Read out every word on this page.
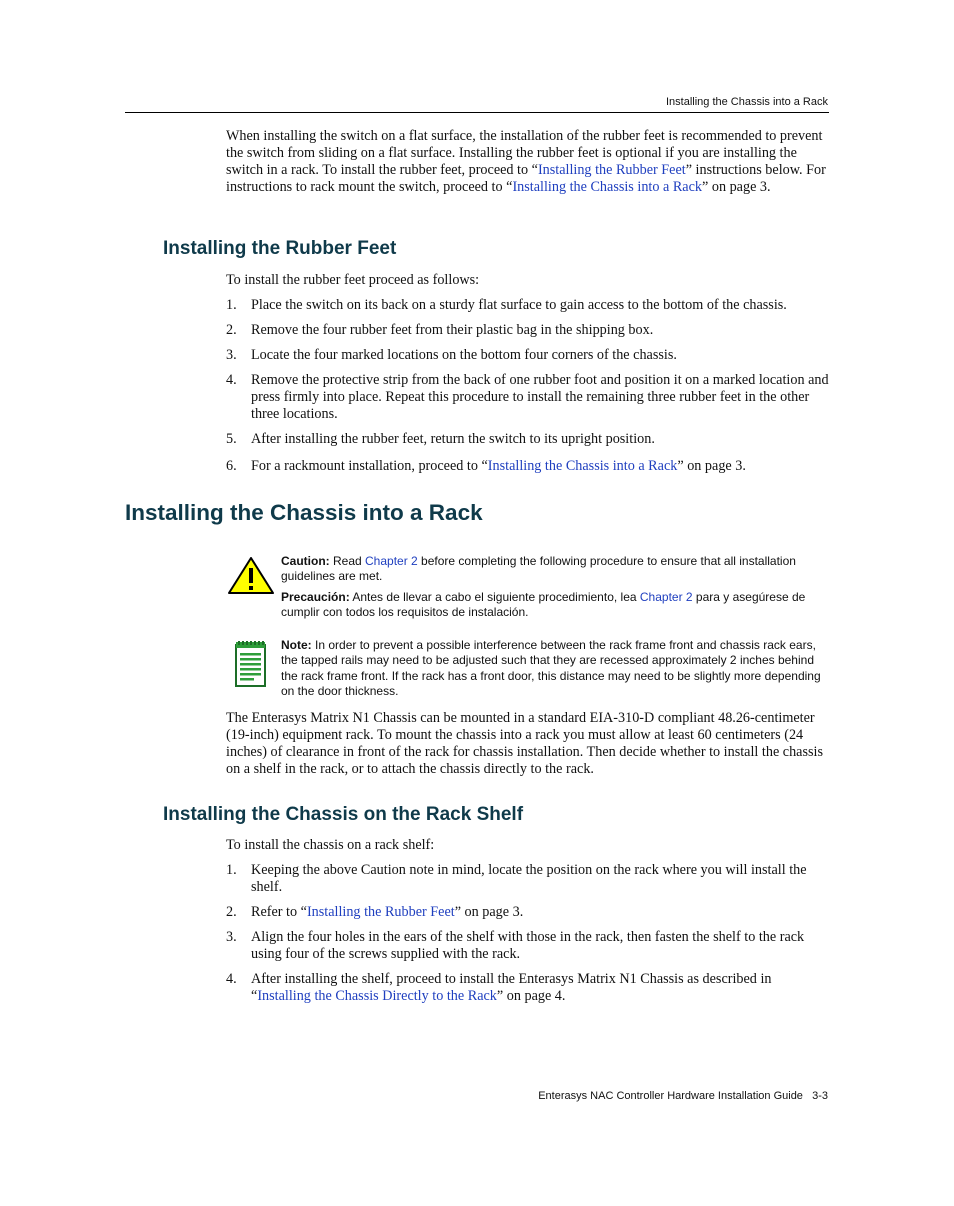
Installing the Chassis into a Rack

When installing the switch on a flat surface, the installation of the rubber feet is recommended to prevent the switch from sliding on a flat surface. Installing the rubber feet is optional if you are installing the switch in a rack. To install the rubber feet, proceed to “Installing the Rubber Feet” instructions below. For instructions to rack mount the switch, proceed to “Installing the Chassis into a Rack” on page 3.

Installing the Rubber Feet
To install the rubber feet proceed as follows:
1. Place the switch on its back on a sturdy flat surface to gain access to the bottom of the chassis.
2. Remove the four rubber feet from their plastic bag in the shipping box.
3. Locate the four marked locations on the bottom four corners of the chassis.
4. Remove the protective strip from the back of one rubber foot and position it on a marked location and press firmly into place. Repeat this procedure to install the remaining three rubber feet in the other three locations.
5. After installing the rubber feet, return the switch to its upright position.
6. For a rackmount installation, proceed to “Installing the Chassis into a Rack” on page 3.
Installing the Chassis into a Rack
Caution: Read Chapter 2 before completing the following procedure to ensure that all installation guidelines are met.
Precaución: Antes de llevar a cabo el siguiente procedimiento, lea Chapter 2 para y asegúrese de cumplir con todos los requisitos de instalación.
Note: In order to prevent a possible interference between the rack frame front and chassis rack ears, the tapped rails may need to be adjusted such that they are recessed approximately 2 inches behind the rack frame front. If the rack has a front door, this distance may need to be slightly more depending on the door thickness.

The Enterasys Matrix N1 Chassis can be mounted in a standard EIA-310-D compliant 48.26-centimeter (19-inch) equipment rack. To mount the chassis into a rack you must allow at least 60 centimeters (24 inches) of clearance in front of the rack for chassis installation. Then decide whether to install the chassis on a shelf in the rack, or to attach the chassis directly to the rack.

Installing the Chassis on the Rack Shelf
To install the chassis on a rack shelf:
1. Keeping the above Caution note in mind, locate the position on the rack where you will install the shelf.
2. Refer to “Installing the Rubber Feet” on page 3.
3. Align the four holes in the ears of the shelf with those in the rack, then fasten the shelf to the rack using four of the screws supplied with the rack.
4. After installing the shelf, proceed to install the Enterasys Matrix N1 Chassis as described in “Installing the Chassis Directly to the Rack” on page 4.
Enterasys NAC Controller Hardware Installation Guide   3-3
